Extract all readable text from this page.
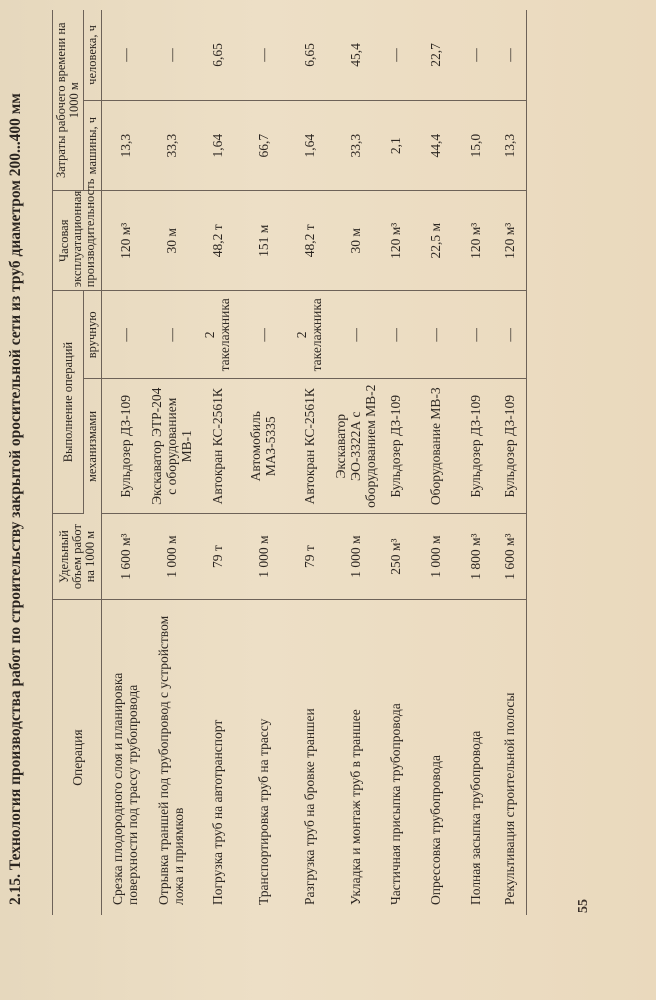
2.15. Технология производства работ по строительству закрытой оросительной сети из труб диаметром 200...400 мм	Операция	Удельный объем работ на 1000 м	Выполнение операций		Часовая эксплуатационная производительность	Затраты рабочего времени на 1000 м	
		механизмами	вручную		машины, ч	человека, ч
Срезка плодородного слоя и планировка поверхности под трассу трубопровода	1 600 м³	Бульдозер ДЗ-109	—	120 м³	13,3	—
Отрывка траншей под трубопровод с устройством ложа и приямков	1 000 м	Экскаватор ЭТР-204 с оборудованием МВ-1	—	30 м	33,3	—
Погрузка труб на автотранспорт	79 т	Автокран КС-2561К	2 такелажника	48,2 т	1,64	6,65
Транспортировка труб на трассу	1 000 м	Автомобиль МАЗ-5335	—	151 м	66,7	—
Разгрузка труб на бровке траншеи	79 т	Автокран КС-2561К	2 такелажника	48,2 т	1,64	6,65
Укладка и монтаж труб в траншее	1 000 м	Экскаватор ЭО-3322А с оборудованием МВ-2	—	30 м	33,3	45,4
Частичная присыпка трубопровода	250 м³	Бульдозер ДЗ-109	—	120 м³	2,1	—
Опрессовка трубопровода	1 000 м	Оборудование МВ-3	—	22,5 м	44,4	22,7
Полная засыпка трубопровода	1 800 м³	Бульдозер ДЗ-109	—	120 м³	15,0	—
Рекультивация строительной полосы	1 600 м³	Бульдозер ДЗ-109	—	120 м³	13,3	—
55
